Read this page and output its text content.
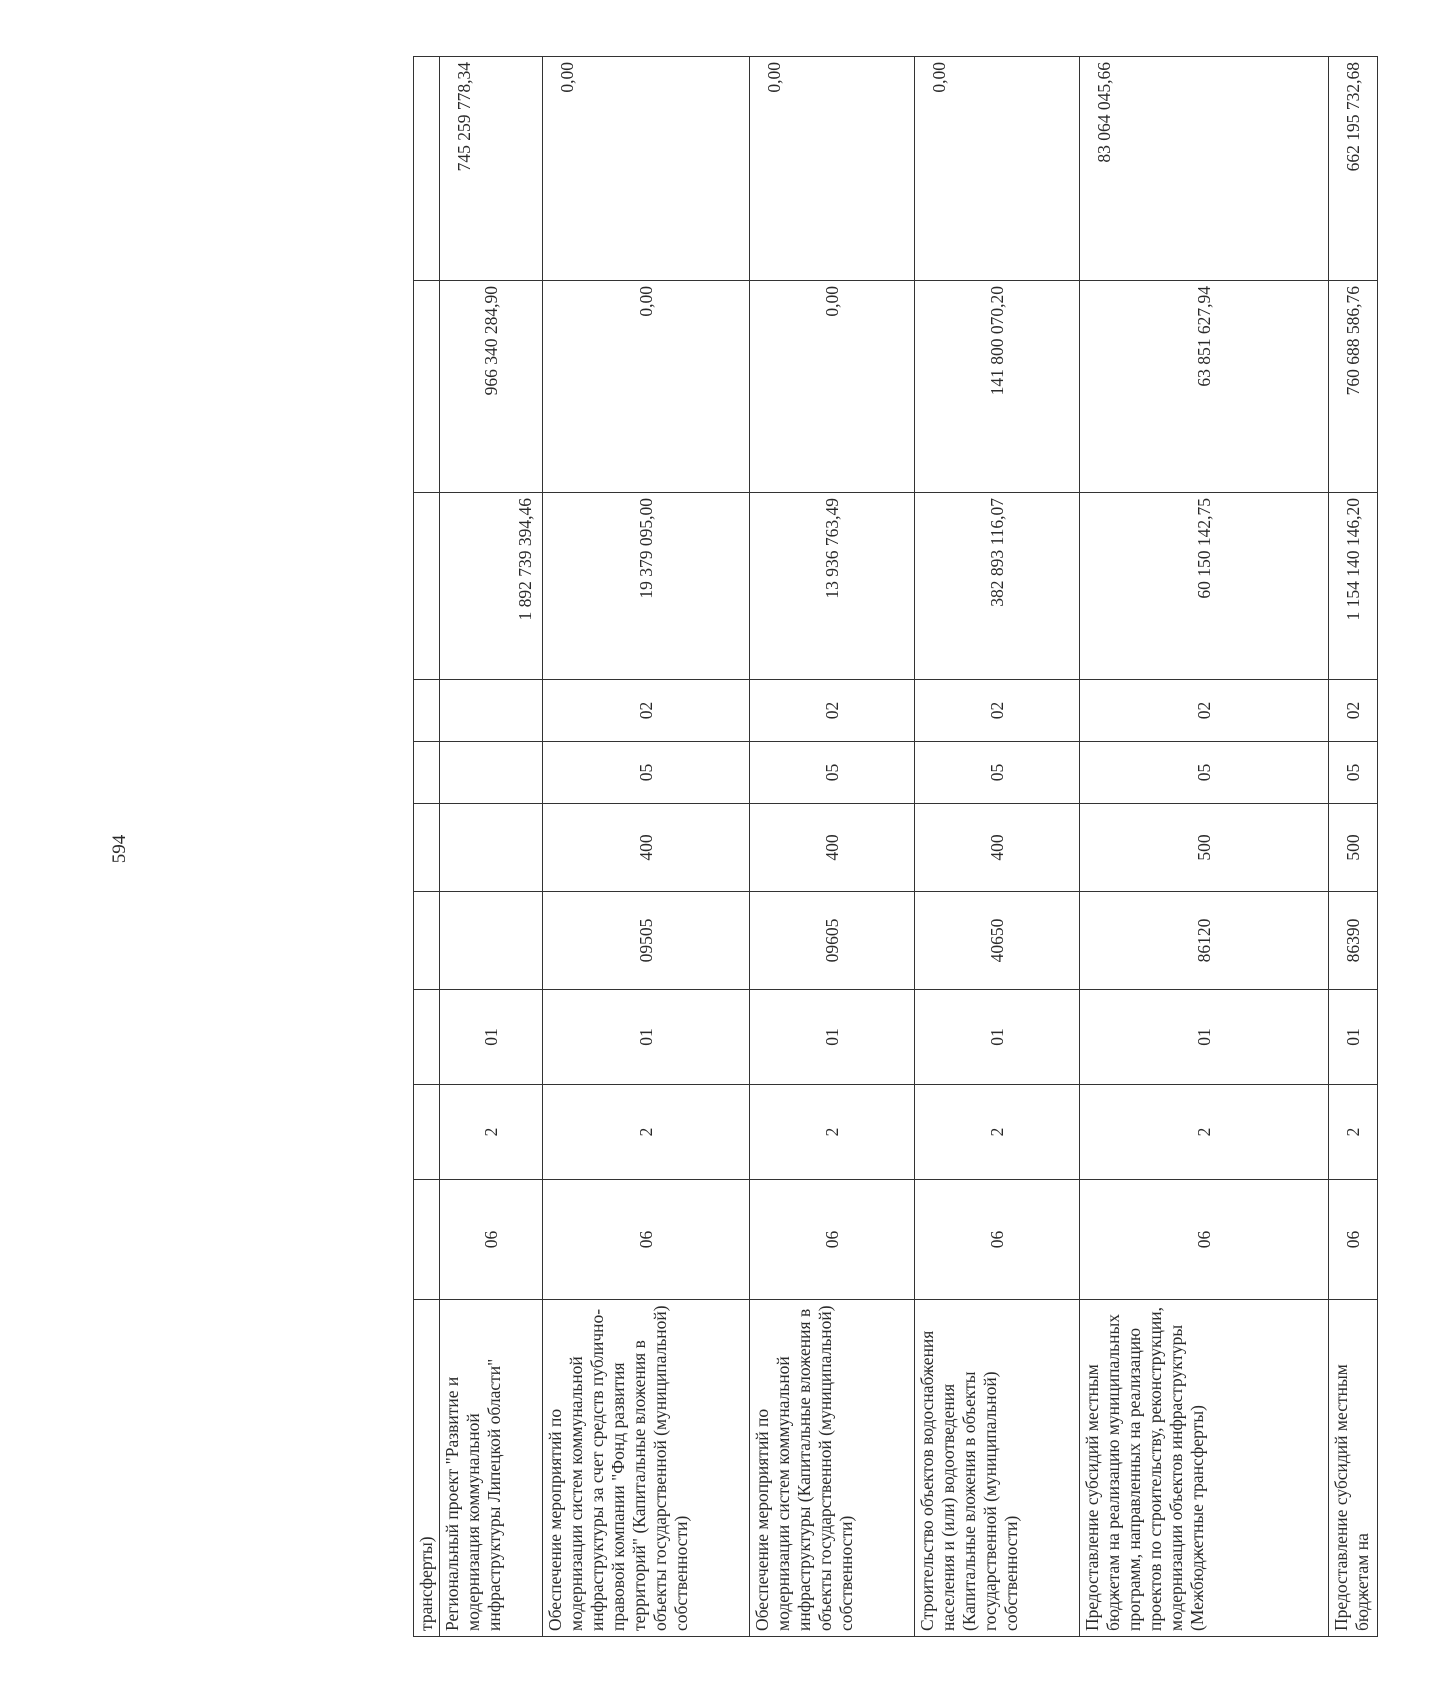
594
трансферты)										
Региональный проект "Развитие и модернизация коммунальной инфраструктуры Липецкой области"	06	2	01					1 892 739 394,46	966 340 284,90	745 259 778,34
Обеспечение мероприятий по модернизации систем коммунальной инфраструктуры за счет средств публично-правовой компании "Фонд развития территорий" (Капитальные вложения в объекты государственной (муниципальной) собственности)	06	2	01	09505	400	05	02	19 379 095,00	0,00	0,00
Обеспечение мероприятий по модернизации систем коммунальной инфраструктуры (Капитальные вложения в объекты государственной (муниципальной) собственности)	06	2	01	09605	400	05	02	13 936 763,49	0,00	0,00
Строительство объектов водоснабжения населения и (или) водоотведения (Капитальные вложения в объекты государственной (муниципальной) собственности)	06	2	01	40650	400	05	02	382 893 116,07	141 800 070,20	0,00
Предоставление субсидий местным бюджетам на реализацию муниципальных программ, направленных на реализацию проектов по строительству, реконструкции, модернизации объектов инфраструктуры (Межбюджетные трансферты)	06	2	01	86120	500	05	02	60 150 142,75	63 851 627,94	83 064 045,66
Предоставление субсидий местным бюджетам на	06	2	01	86390	500	05	02	1 154 140 146,20	760 688 586,76	662 195 732,68
